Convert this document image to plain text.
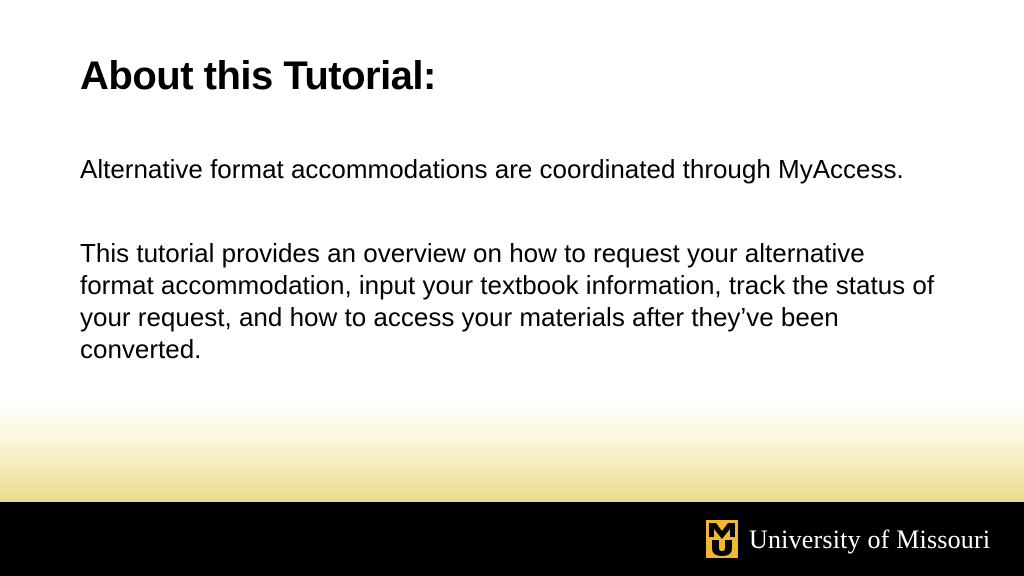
About this Tutorial:

Alternative format accommodations are coordinated through MyAccess.

This tutorial provides an overview on how to request your alternative format accommodation, input your textbook information, track the status of your request, and how to access your materials after they’ve been converted.

University of Missouri
